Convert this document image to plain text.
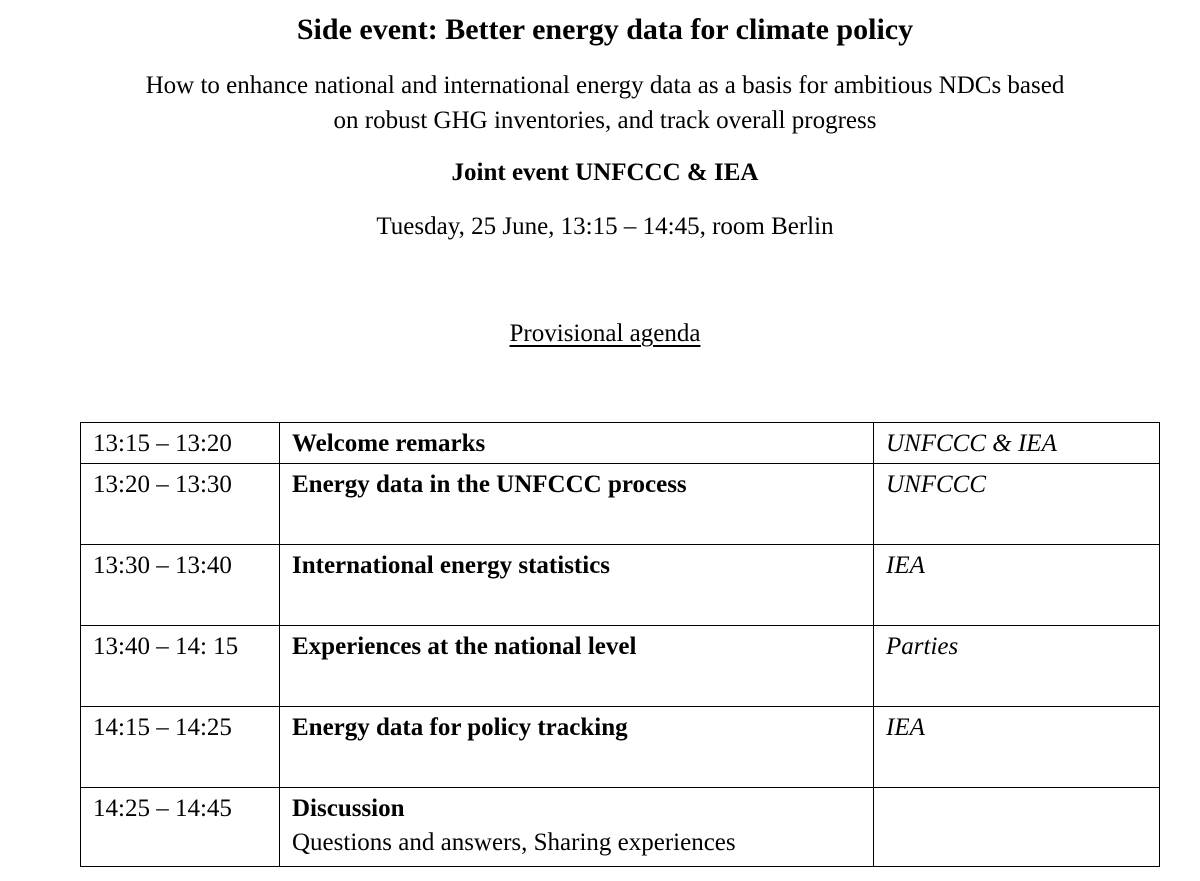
Side event: Better energy data for climate policy
How to enhance national and international energy data as a basis for ambitious NDCs based
on robust GHG inventories, and track overall progress
Joint event UNFCCC & IEA
Tuesday, 25 June, 13:15 – 14:45, room Berlin
Provisional agenda
13:15 – 13:20	Welcome remarks	UNFCCC & IEA
13:20 – 13:30	Energy data in the UNFCCC process	UNFCCC
13:30 – 13:40	International energy statistics	IEA
13:40 – 14: 15	Experiences at the national level	Parties
14:15 – 14:25	Energy data for policy tracking	IEA
14:25 – 14:45	Discussion
Questions and answers, Sharing experiences	
